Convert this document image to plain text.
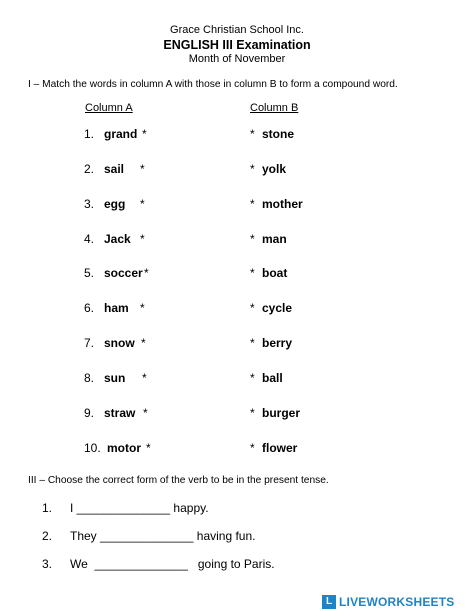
Grace Christian School Inc.
ENGLISH III Examination
Month of November
I – Match the words in column A with those in column B to form a compound word.
Column A	Column B
1. grand *	* stone
2. sail *	* yolk
3. egg *	* mother
4. Jack *	* man
5. soccer *	* boat
6. ham *	* cycle
7. snow *	* berry
8. sun *	* ball
9. straw *	* burger
10. motor *	* flower
III – Choose the correct form of the verb to be in the present tense.
1. I ______________ happy.
2. They ______________ having fun.
3. We  ______________   going to Paris.
L LIVEWORKSHEETS
